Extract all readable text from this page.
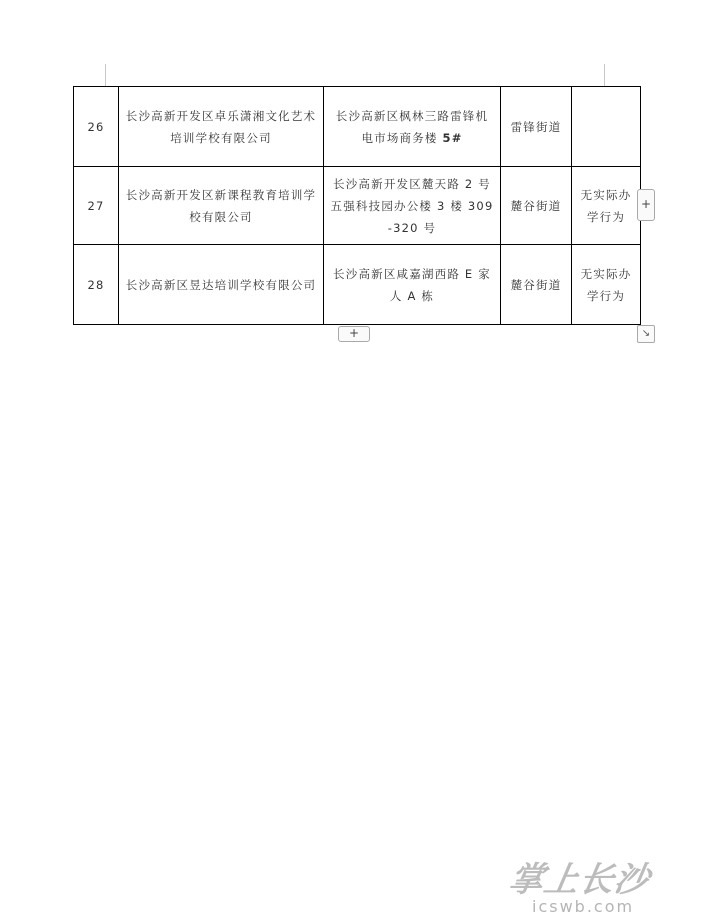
26	长沙高新开发区卓乐潇湘文化艺术培训学校有限公司	长沙高新区枫林三路雷锋机电市场商务楼 5#	雷锋街道	
27	长沙高新开发区新课程教育培训学校有限公司	长沙高新开发区麓天路 2 号五强科技园办公楼 3 楼 309-320 号	麓谷街道	无实际办学行为
28	长沙高新区昱达培训学校有限公司	长沙高新区咸嘉湖西路 E 家人 A 栋	麓谷街道	无实际办学行为
+
+	↘
掌上长沙
icswb.com
